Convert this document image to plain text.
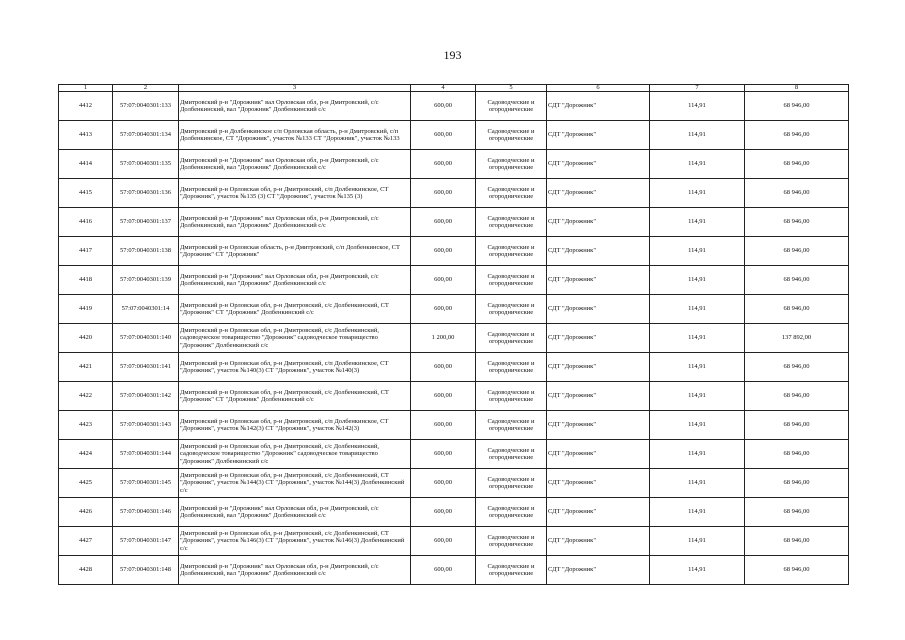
193
1	2	3	4	5	6	7	8
4412	57:07:0040301:133	Дмитровский р-н "Дорожник" вал Орловская обл, р-н Дмитровский, с/с Долбенкинский, вал "Дорожник" Долбенкинский с/с	600,00	Садоводческие и огороднические	СДТ "Дорожник"	114,91	68 946,00
4413	57:07:0040301:134	Дмитровский р-н Долбенкинское с/п Орловская область, р-н Дмитровский, с/п Долбенкинское, СТ "Дорожник", участок №133 СТ "Дорожник", участок №133	600,00	Садоводческие и огороднические	СДТ "Дорожник"	114,91	68 946,00
4414	57:07:0040301:135	Дмитровский р-н "Дорожник" вал Орловская обл, р-н Дмитровский, с/с Долбенкинский, вал "Дорожник" Долбенкинский с/с	600,00	Садоводческие и огороднические	СДТ "Дорожник"	114,91	68 946,00
4415	57:07:0040301:136	Дмитровский р-н Орловская обл, р-н Дмитровский, с/п Долбенкинское, СТ "Дорожник", участок №135 (3) СТ "Дорожник", участок №135 (3)	600,00	Садоводческие и огороднические	СДТ "Дорожник"	114,91	68 946,00
4416	57:07:0040301:137	Дмитровский р-н "Дорожник" вал Орловская обл, р-н Дмитровский, с/с Долбенкинский, вал "Дорожник" Долбенкинский с/с	600,00	Садоводческие и огороднические	СДТ "Дорожник"	114,91	68 946,00
4417	57:07:0040301:138	Дмитровский р-н Орловская область, р-н Дмитровский, с/п Долбенкинское, СТ "Дорожник" СТ "Дорожник"	600,00	Садоводческие и огороднические	СДТ "Дорожник"	114,91	68 946,00
4418	57:07:0040301:139	Дмитровский р-н "Дорожник" вал Орловская обл, р-н Дмитровский, с/с Долбенкинский, вал "Дорожник" Долбенкинский с/с	600,00	Садоводческие и огороднические	СДТ "Дорожник"	114,91	68 946,00
4419	57:07:0040301:14	Дмитровский р-н Орловская обл, р-н Дмитровский, с/с Долбенкинский, СТ "Дорожник" СТ "Дорожник" Долбенкинский с/с	600,00	Садоводческие и огороднические	СДТ "Дорожник"	114,91	68 946,00
4420	57:07:0040301:140	Дмитровский р-н Орловская обл, р-н Дмитровский, с/с Долбенкинский, садоводческое товарищество "Дорожник" садоводческое товарищество "Дорожник" Долбенкинский с/с	1 200,00	Садоводческие и огороднические	СДТ "Дорожник"	114,91	137 892,00
4421	57:07:0040301:141	Дмитровский р-н Орловская обл, р-н Дмитровский, с/п Долбенкинское, СТ "Дорожник", участок №140(3) СТ "Дорожник", участок №140(3)	600,00	Садоводческие и огороднические	СДТ "Дорожник"	114,91	68 946,00
4422	57:07:0040301:142	Дмитровский р-н Орловская обл, р-н Дмитровский, с/с Долбенкинский, СТ "Дорожник" СТ "Дорожник" Долбенкинский с/с	600,00	Садоводческие и огороднические	СДТ "Дорожник"	114,91	68 946,00
4423	57:07:0040301:143	Дмитровский р-н Орловская обл, р-н Дмитровский, с/п Долбенкинское, СТ "Дорожник", участок №142(3) СТ "Дорожник", участок №142(3)	600,00	Садоводческие и огороднические	СДТ "Дорожник"	114,91	68 946,00
4424	57:07:0040301:144	Дмитровский р-н Орловская обл, р-н Дмитровский, с/с Долбенкинский, садоводческое товарищество "Дорожник" садоводческое товарищество "Дорожник" Долбенкинский с/с	600,00	Садоводческие и огороднические	СДТ "Дорожник"	114,91	68 946,00
4425	57:07:0040301:145	Дмитровский р-н Орловская обл, р-н Дмитровский, с/с Долбенкинский, СТ "Дорожник", участок №144(3) СТ "Дорожник", участок №144(3) Долбенкинский с/с	600,00	Садоводческие и огороднические	СДТ "Дорожник"	114,91	68 946,00
4426	57:07:0040301:146	Дмитровский р-н "Дорожник" вал Орловская обл, р-н Дмитровский, с/с Долбенкинский, вал "Дорожник" Долбенкинский с/с	600,00	Садоводческие и огороднические	СДТ "Дорожник"	114,91	68 946,00
4427	57:07:0040301:147	Дмитровский р-н Орловская обл, р-н Дмитровский, с/с Долбенкинский, СТ "Дорожник", участок №146(3) СТ "Дорожник", участок №146(3) Долбенкинский с/с	600,00	Садоводческие и огороднические	СДТ "Дорожник"	114,91	68 946,00
4428	57:07:0040301:148	Дмитровский р-н "Дорожник" вал Орловская обл, р-н Дмитровский, с/с Долбенкинский, вал "Дорожник" Долбенкинский с/с	600,00	Садоводческие и огороднические	СДТ "Дорожник"	114,91	68 946,00
